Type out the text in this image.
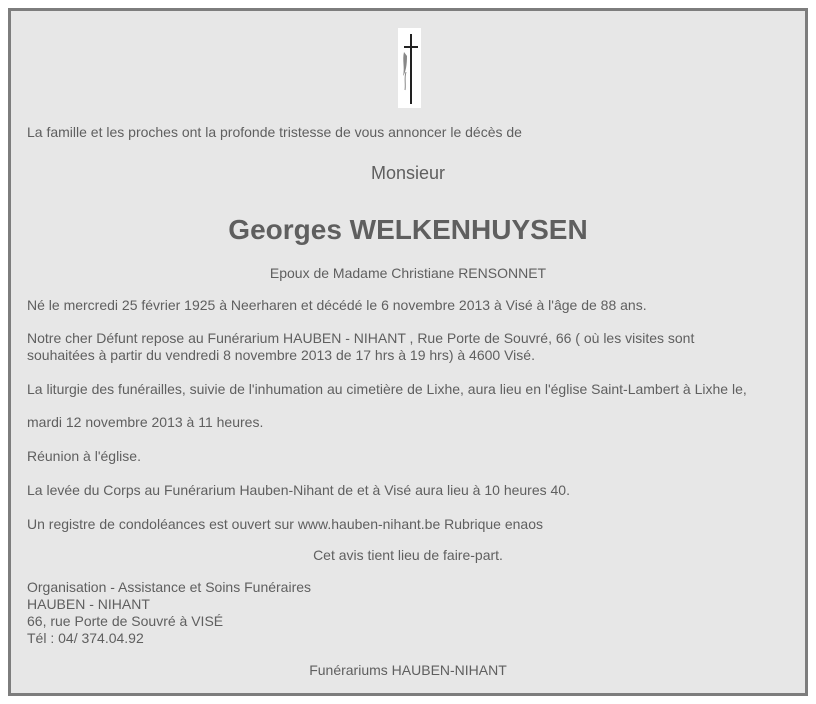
La famille et les proches ont la profonde tristesse de vous annoncer le décès de
Monsieur
Georges WELKENHUYSEN
Epoux de Madame Christiane RENSONNET
Né le mercredi 25 février 1925 à Neerharen et décédé le 6 novembre 2013 à Visé à l'âge de 88 ans.
Notre cher Défunt repose au Funérarium HAUBEN - NIHANT , Rue Porte de Souvré, 66 ( où les visites sont
souhaitées à partir du vendredi 8 novembre 2013 de 17 hrs à 19 hrs) à 4600 Visé.
La liturgie des funérailles, suivie de l'inhumation au cimetière de Lixhe, aura lieu en l'église Saint-Lambert à Lixhe le,
mardi 12 novembre 2013 à 11 heures.
Réunion à l'église.
La levée du Corps au Funérarium Hauben-Nihant de et à Visé aura lieu à 10 heures 40.
Un registre de condoléances est ouvert sur www.hauben-nihant.be Rubrique enaos
Cet avis tient lieu de faire-part.
Organisation - Assistance et Soins Funéraires
HAUBEN - NIHANT
66, rue Porte de Souvré à VISÉ
Tél : 04/ 374.04.92
Funérariums HAUBEN-NIHANT
